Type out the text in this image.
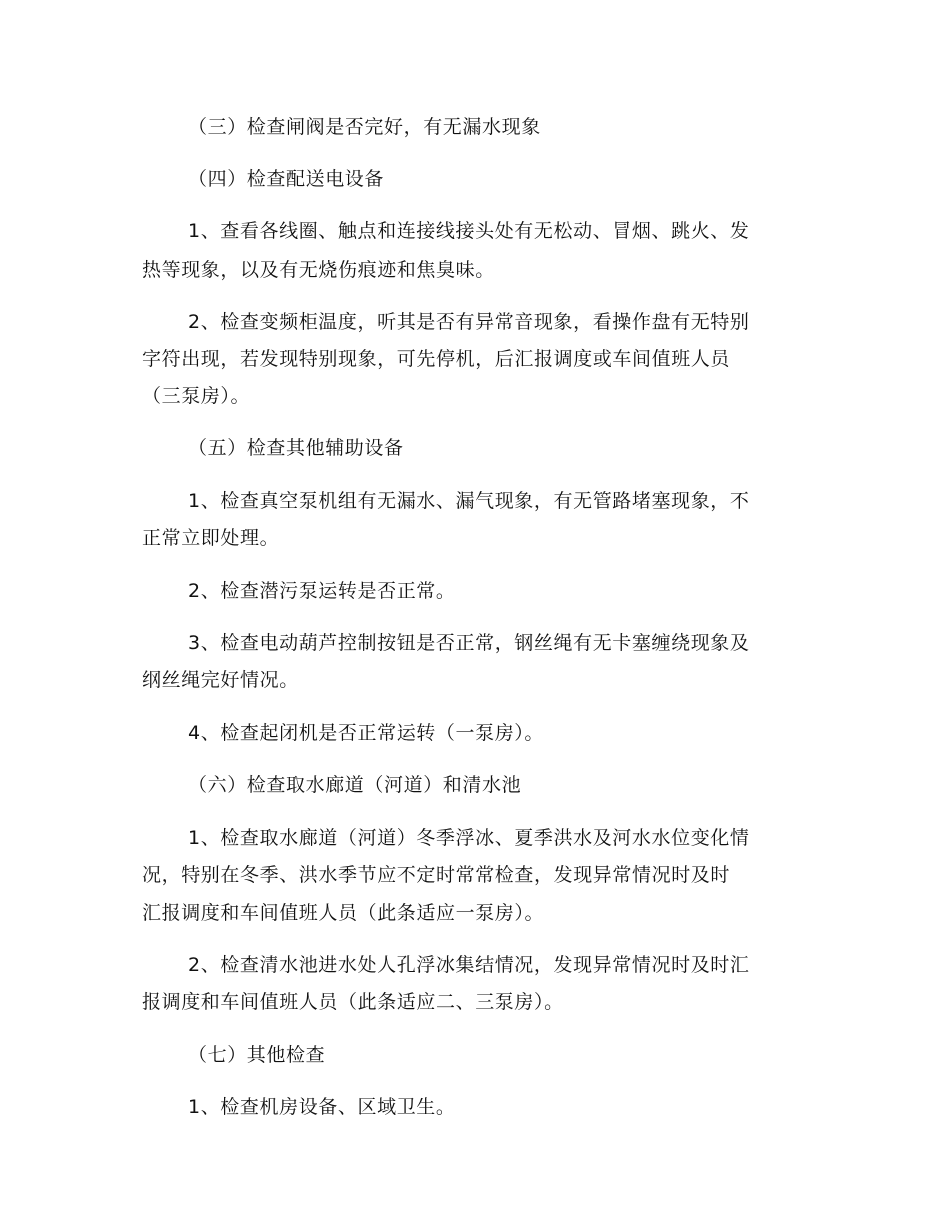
（三）检查闸阀是否完好，有无漏水现象
（四）检查配送电设备
1、查看各线圈、触点和连接线接头处有无松动、冒烟、跳火、发
热等现象，以及有无烧伤痕迹和焦臭味。
2、检查变频柜温度，听其是否有异常音现象，看操作盘有无特别
字符出现，若发现特别现象，可先停机，后汇报调度或车间值班人员
（三泵房）。
（五）检查其他辅助设备
1、检查真空泵机组有无漏水、漏气现象，有无管路堵塞现象，不
正常立即处理。
2、检查潜污泵运转是否正常。
3、检查电动葫芦控制按钮是否正常，钢丝绳有无卡塞缠绕现象及
纲丝绳完好情况。
4、检查起闭机是否正常运转（一泵房）。
（六）检查取水廊道（河道）和清水池
1、检查取水廊道（河道）冬季浮冰、夏季洪水及河水水位变化情
况，特别在冬季、洪水季节应不定时常常检查，发现异常情况时及时
汇报调度和车间值班人员（此条适应一泵房）。
2、检查清水池进水处人孔浮冰集结情况，发现异常情况时及时汇
报调度和车间值班人员（此条适应二、三泵房）。
（七）其他检查
1、检查机房设备、区域卫生。
